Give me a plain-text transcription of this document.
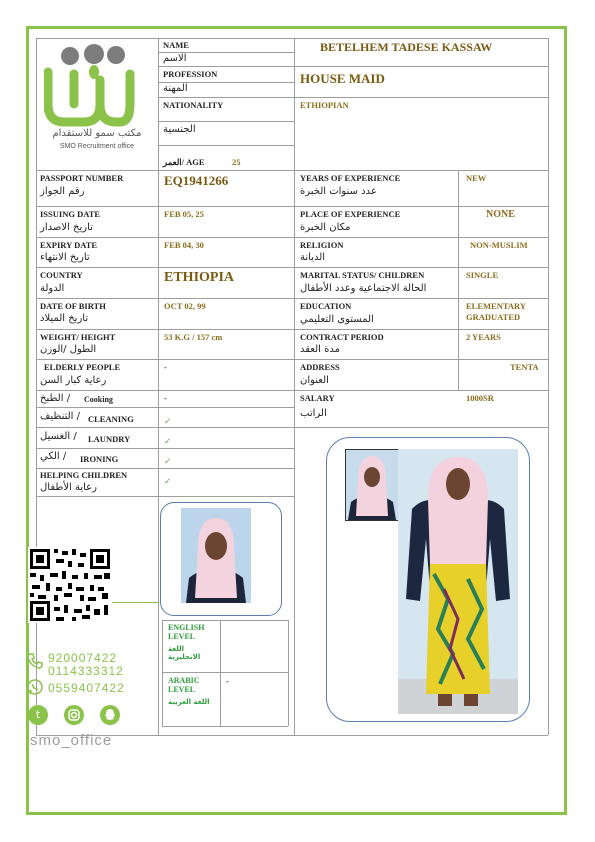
مكتب سمو للاستقدام
SMO Recruitment office
NAME
الاسم
BETELHEM TADESE KASSAW
PROFESSION
المهنة
HOUSE MAID
NATIONALITY
الجنسية
ETHIOPIAN
العمر/ AGE	25
PASSPORT NUMBER
رقم الجواز
EQ1941266
ISSUING DATE
تاريخ الاصدار
FEB 05, 25
EXPIRY DATE
تاريخ الانتهاء
FEB 04, 30
COUNTRY
الدولة
ETHIOPIA
DATE OF BIRTH
تاريخ الميلاد
OCT 02, 99
WEIGHT/ HEIGHT
الطول /الوزن
53 K.G / 157 cm
ELDERLY PEOPLE
رعاية كبار السن
-
الطبخ / Cooking	-
التنظيف / CLEANING	✓
الغسيل / LAUNDRY	✓
الكي / IRONING	✓
HELPING CHILDREN
رعاية الأطفال
✓
YEARS OF EXPERIENCE
عدد سنوات الخبرة
NEW
PLACE OF EXPERIENCE
مكان الخبرة
NONE
RELIGION
الديانة
NON-MUSLIM
MARITAL STATUS/ CHILDREN
الحالة الاجتماعية وعدد الأطفال
SINGLE
EDUCATION
المستوى التعليمي
ELEMENTARY
GRADUATED
CONTRACT PERIOD
مدة العقد
2 YEARS
ADDRESS
العنوان
TENTA
SALARY
الراتب
1000SR
920007422
0114333312
0559407422
t
smo_office
ENGLISH LEVEL
اللغة الانجليزية
ARABIC LEVEL
اللغة العربية
-
